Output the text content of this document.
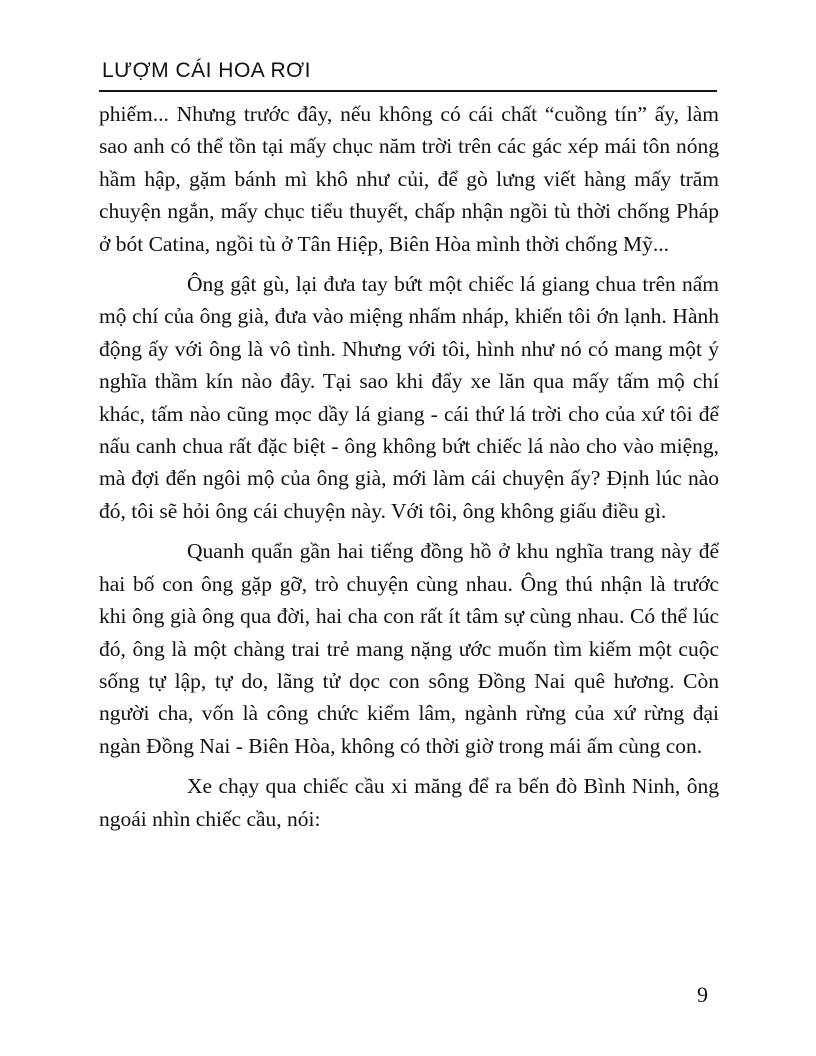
LƯỢM CÁI HOA RƠI

phiếm... Nhưng trước đây, nếu không có cái chất “cuồng tín” ấy, làm sao anh có thể tồn tại mấy chục năm trời trên các gác xép mái tôn nóng hầm hập, gặm bánh mì khô như củi, để gò lưng viết hàng mấy trăm chuyện ngắn, mấy chục tiểu thuyết, chấp nhận ngồi tù thời chống Pháp ở bót Catina, ngồi tù ở Tân Hiệp, Biên Hòa mình thời chống Mỹ...

Ông gật gù, lại đưa tay bứt một chiếc lá giang chua trên nấm mộ chí của ông già, đưa vào miệng nhấm nháp, khiến tôi ớn lạnh. Hành động ấy với ông là vô tình. Nhưng với tôi, hình như nó có mang một ý nghĩa thầm kín nào đây. Tại sao khi đẩy xe lăn qua mấy tấm mộ chí khác, tấm nào cũng mọc dầy lá giang - cái thứ lá trời cho của xứ tôi để nấu canh chua rất đặc biệt - ông không bứt chiếc lá nào cho vào miệng, mà đợi đến ngôi mộ của ông già, mới làm cái chuyện ấy? Định lúc nào đó, tôi sẽ hỏi ông cái chuyện này. Với tôi, ông không giấu điều gì.

Quanh quẩn gần hai tiếng đồng hồ ở khu nghĩa trang này để hai bố con ông gặp gỡ, trò chuyện cùng nhau. Ông thú nhận là trước khi ông già ông qua đời, hai cha con rất ít tâm sự cùng nhau. Có thể lúc đó, ông là một chàng trai trẻ mang nặng ước muốn tìm kiếm một cuộc sống tự lập, tự do, lãng tử dọc con sông Đồng Nai quê hương. Còn người cha, vốn là công chức kiểm lâm, ngành rừng của xứ rừng đại ngàn Đồng Nai - Biên Hòa, không có thời giờ trong mái ấm cùng con.

Xe chạy qua chiếc cầu xi măng để ra bến đò Bình Ninh, ông ngoái nhìn chiếc cầu, nói:

9
